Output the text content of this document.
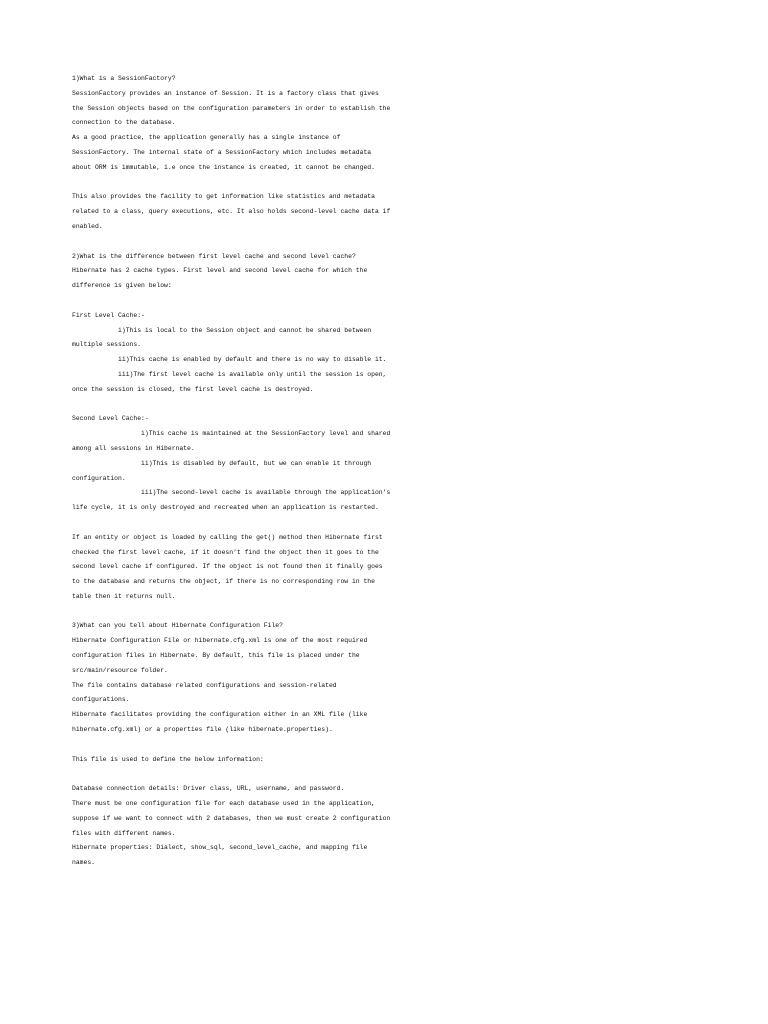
1)What is a SessionFactory?
SessionFactory provides an instance of Session. It is a factory class that gives
the Session objects based on the configuration parameters in order to establish the
connection to the database.
As a good practice, the application generally has a single instance of
SessionFactory. The internal state of a SessionFactory which includes metadata
about ORM is immutable, i.e once the instance is created, it cannot be changed.
This also provides the facility to get information like statistics and metadata
related to a class, query executions, etc. It also holds second-level cache data if
enabled.
2)What is the difference between first level cache and second level cache?
Hibernate has 2 cache types. First level and second level cache for which the
difference is given below:
First Level Cache:-
i)This is local to the Session object and cannot be shared between
multiple sessions.
ii)This cache is enabled by default and there is no way to disable it.
iii)The first level cache is available only until the session is open,
once the session is closed, the first level cache is destroyed.
Second Level Cache:-
i)This cache is maintained at the SessionFactory level and shared
among all sessions in Hibernate.
ii)This is disabled by default, but we can enable it through
configuration.
iii)The second-level cache is available through the application’s
life cycle, it is only destroyed and recreated when an application is restarted.
If an entity or object is loaded by calling the get() method then Hibernate first
checked the first level cache, if it doesn’t find the object then it goes to the
second level cache if configured. If the object is not found then it finally goes
to the database and returns the object, if there is no corresponding row in the
table then it returns null.
3)What can you tell about Hibernate Configuration File?
Hibernate Configuration File or hibernate.cfg.xml is one of the most required
configuration files in Hibernate. By default, this file is placed under the
src/main/resource folder.
The file contains database related configurations and session-related
configurations.
Hibernate facilitates providing the configuration either in an XML file (like
hibernate.cfg.xml) or a properties file (like hibernate.properties).
This file is used to define the below information:
Database connection details: Driver class, URL, username, and password.
There must be one configuration file for each database used in the application,
suppose if we want to connect with 2 databases, then we must create 2 configuration
files with different names.
Hibernate properties: Dialect, show_sql, second_level_cache, and mapping file
names.
